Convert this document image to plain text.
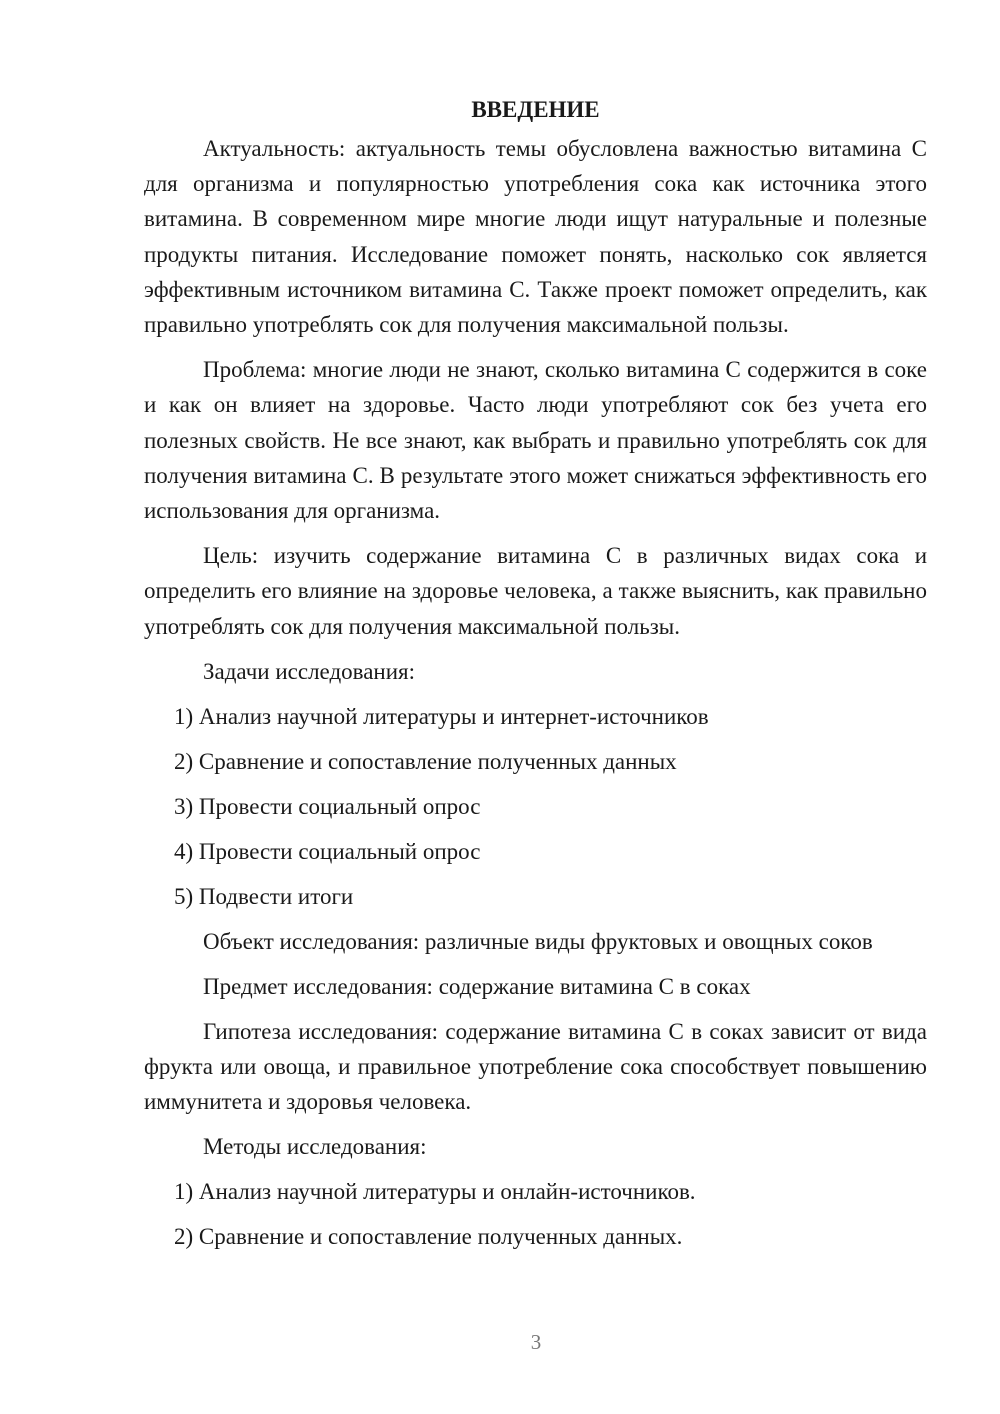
ВВЕДЕНИЕ

Актуальность: актуальность темы обусловлена важностью витамина С для организма и популярностью употребления сока как источника этого витамина. В современном мире многие люди ищут натуральные и полезные продукты питания. Исследование поможет понять, насколько сок является эффективным источником витамина С. Также проект поможет определить, как правильно употреблять сок для получения максимальной пользы.

Проблема: многие люди не знают, сколько витамина С содержится в соке и как он влияет на здоровье. Часто люди употребляют сок без учета его полезных свойств. Не все знают, как выбрать и правильно употреблять сок для получения витамина С. В результате этого может снижаться эффективность его использования для организма.

Цель: изучить содержание витамина С в различных видах сока и определить его влияние на здоровье человека, а также выяснить, как правильно употреблять сок для получения максимальной пользы.

Задачи исследования:
1) Анализ научной литературы и интернет-источников
2) Сравнение и сопоставление полученных данных
3) Провести социальный опрос
4) Провести социальный опрос
5) Подвести итоги
Объект исследования: различные виды фруктовых и овощных соков
Предмет исследования: содержание витамина С в соках

Гипотеза исследования: содержание витамина С в соках зависит от вида фрукта или овоща, и правильное употребление сока способствует повышению иммунитета и здоровья человека.

Методы исследования:
1) Анализ научной литературы и онлайн-источников.
2) Сравнение и сопоставление полученных данных.
3
